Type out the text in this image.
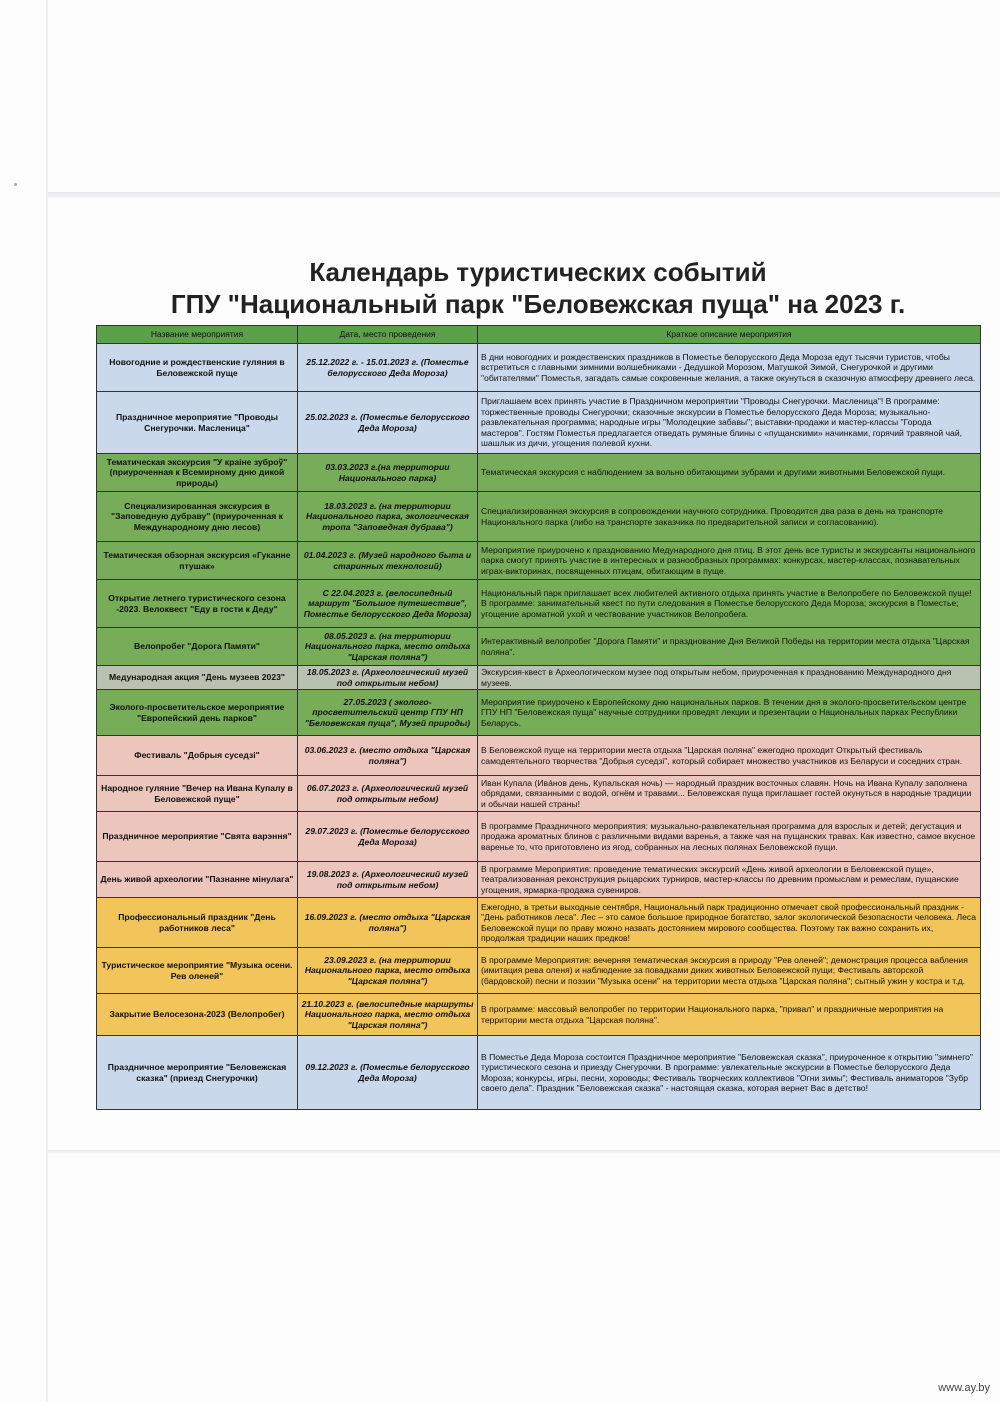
Календарь туристических событий
ГПУ "Национальный парк "Беловежская пуща" на 2023 г.
Название мероприятия	Дата, место проведения	Краткое описание мероприятия
Новогодние и рождественские гуляния в Беловежской пуще	25.12.2022 г. - 15.01.2023 г. (Поместье белорусского Деда Мороза)	В дни новогодних и рождественских праздников в Поместье белорусского Деда Мороза едут тысячи туристов, чтобы встретиться с главными зимними волшебниками - Дедушкой Морозом, Матушкой Зимой, Снегурочкой и другими "обитателями" Поместья, загадать самые сокровенные желания, а также окунуться в сказочную атмосферу древнего леса.
Праздничное мероприятие "Проводы Снегурочки. Масленица"	25.02.2023 г. (Поместье белорусского Деда Мороза)	Приглашаем всех принять участие в Праздничном мероприятии "Проводы Снегурочки. Масленица"! В программе: торжественные проводы Снегурочки; сказочные экскурсии в Поместье белорусского Деда Мороза; музыкально-развлекательная программа; народные игры "Молодецкие забавы"; выставки-продажи и мастер-классы "Города мастеров". Гостям Поместья предлагается отведать румяные блины с «пущанскими» начинками, горячий травяной чай, шашлык из дичи, угощения полевой кухни.
Тематическая экскурсия "У краіне зуброў" (приуроченная к Всемирному дню дикой природы)	03.03.2023 г.(на территории Национального парка)	Тематическая экскурсия с наблюдением за вольно обитающими зубрами и другими животными Беловежской пущи.
Специализированная экскурсия в "Заповедную дубраву" (приуроченная к Международному дню лесов)	18.03.2023 г. (на территории Национального парка, экологическая тропа "Заповедная дубрава")	Специализированная экскурсия в сопровождении научного сотрудника. Проводится два раза в день на транспорте Национального парка (либо на транспорте заказчика по предварительной записи и согласованию).
Тематическая обзорная экскурсия «Гуканне птушак»	01.04.2023 г. (Музей народного быта и старинных технологий)	Мероприятие приурочено к празднованию Медународного дня птиц. В этот день все туристы и экскурсанты национального парка смогут принять участие в интересных и разнообразных программах: конкурсах, мастер-классах, познавательных играх-викторинах, посвященных птицам, обитающим в пуще.
Открытие летнего туристического сезона -2023. Велоквест "Еду в гости к Деду"	С 22.04.2023 г. (велосипедный маршрут "Большое путешествие", Поместье белорусского Деда Мороза)	Национальный парк приглашает всех любителей активного отдыха принять участие в Велопробеге по Беловежской пуще! В программе: занимательный квест по пути следования в Поместье белорусского Деда Мороза; экскурсия в Поместье; угощение ароматной ухой и чествование участников Велопробега.
Велопробег "Дорога Памяти"	08.05.2023 г. (на территории Национального парка, место отдыха "Царская поляна")	Интерактивный велопробег "Дорога Памяти" и празднование Дня Великой Победы на территории места отдыха "Царская поляна".
Медународная акция "День музеев 2023"	18.05.2023 г. (Археологический музей под открытым небом)	Экскурсия-квест в Археологическом музее под открытым небом, приуроченная к празднованию Международного дня музеев.
Эколого-просветительское мероприятие "Европейский день парков"	27.05.2023 ( эколого-просветительский центр ГПУ НП "Беловежская пуща", Музей природы)	Мероприятие приурочено к Европейскому дню национальных парков. В течении дня в эколого-просветительском центре ГПУ НП "Беловежская пуща" научные сотрудники проведят лекции и презентации о Национальных парках Республики Беларусь.
Фестиваль "Добрыя суседзі"	03.06.2023 г. (место отдыха "Царская поляна")	В Беловежской пуще на территории места отдыха "Царская поляна" ежегодно проходит Открытый фестиваль самодеятельного творчества "Добрыя суседзі", который собирает множество участников из Беларуси и соседних стран.
Народное гуляние "Вечер на Ивана Купалу в Беловежской пуще"	06.07.2023 г. (Археологический музей под открытым небом)	Иван Купала (Ивáнов день, Купальская ночь) — народный праздник восточных славян. Ночь на Ивана Купалу заполнена обрядами, связанными с водой, огнём и травами... Беловежская пуща приглашает гостей окунуться в народные традиции и обычаи нашей страны!
Праздничное мероприятие "Свята варэння"	29.07.2023 г. (Поместье белорусского Деда Мороза)	В программе Праздничного мероприятия: музыкально-развлекательная программа для взрослых и детей; дегустация и продажа ароматных блинов с различными видами варенья, а также чая на пущанских травах. Как известно, самое вкусное варенье то, что приготовлено из ягод, собранных на лесных полянах Беловежской пущи.
День живой археологии "Пазнанне мінулага"	19.08.2023 г. (Археологический музей под открытым небом)	В программе Мероприятия: проведение тематических экскурсий «День живой археологии в Беловежской пуще», театрализованная реконструкция рыцарских турниров, мастер-классы по древним промыслам и ремеслам, пущанские угощения, ярмарка-продажа сувениров.
Профессиональный праздник "День работников леса"	16.09.2023 г. (место отдыха "Царская поляна")	Ежегодно, в третьи выходные сентября, Национальный парк традиционно отмечает свой профессиональный праздник - "День работников леса". Лес – это самое большое природное богатство, залог экологической безопасности человека. Леса Беловежской пущи по праву можно назвать достоянием мирового сообщества. Поэтому так важно сохранить их, продолжая традиции наших предков!
Туристическое мероприятие "Музыка осени. Рев оленей"	23.09.2023 г. (на территории Национального парка, место отдыха "Царская поляна")	В программе Мероприятия: вечерняя тематическая экскурсия в природу "Рев оленей"; демонстрация процесса вабления (имитация рева оленя) и наблюдение за повадками диких животных Беловежской пущи; Фестиваль авторской (бардовской) песни и поэзии "Музыка осени" на территории места отдыха "Царская поляна"; сытный ужин у костра и т.д.
Закрытие Велосезона-2023 (Велопробег)	21.10.2023 г. (велосипедные маршруты Национального парка, место отдыха "Царская поляна")	В программе: массовый велопробег по территории Национального парка, "привал" и праздничные мероприятия на территории места отдыха "Царская поляна".
Праздничное мероприятие "Беловежская сказка" (приезд Снегурочки)	09.12.2023 г. (Поместье белорусского Деда Мороза)	В Поместье Деда Мороза состоится Праздничное мероприятие "Беловежская сказка", приуроченное к открытию "зимнего" туристического сезона и приезду Снегурочки. В программе: увлекательные экскурсии в Поместье белорусского Деда Мороза; конкурсы, игры, песни, хороводы; Фестиваль творческих коллективов "Огни зимы"; Фестиваль аниматоров "Зубр своего дела". Праздник "Беловежская сказка" - настоящая сказка, которая вернет Вас в детство!
www.ay.by
